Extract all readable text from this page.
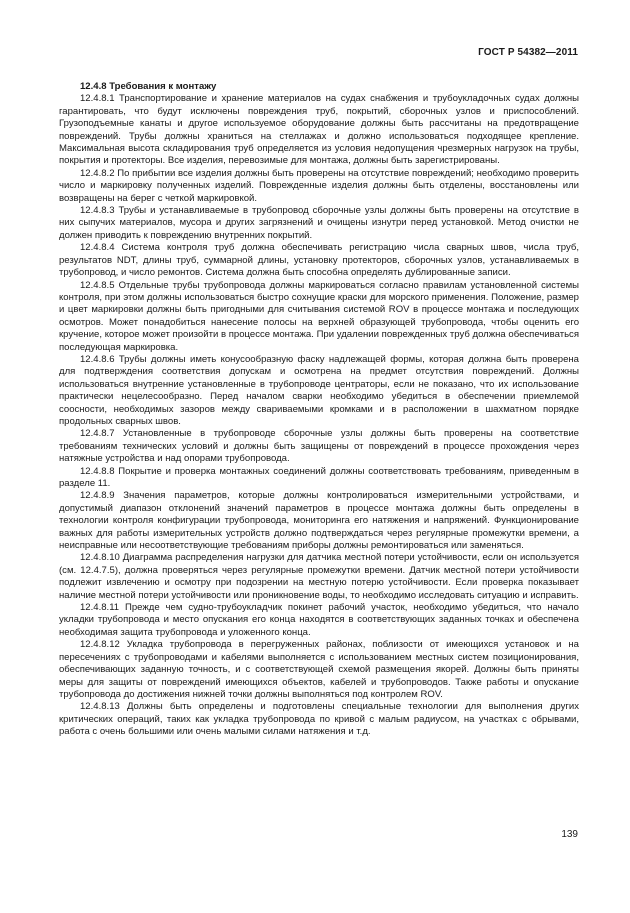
ГОСТ Р 54382—2011

12.4.8 Требования к монтажу

12.4.8.1 Транспортирование и хранение материалов на судах снабжения и трубоукладочных судах должны гарантировать, что будут исключены повреждения труб, покрытий, сборочных узлов и приспособлений. Грузоподъемные канаты и другое используемое оборудование должны быть рассчитаны на предотвращение повреждений. Трубы должны храниться на стеллажах и должно использоваться подходящее крепление. Максимальная высота складирования труб определяется из условия недопущения чрезмерных нагрузок на трубы, покрытия и протекторы. Все изделия, перевозимые для монтажа, должны быть зарегистрированы.

12.4.8.2 По прибытии все изделия должны быть проверены на отсутствие повреждений; необходимо проверить число и маркировку полученных изделий. Поврежденные изделия должны быть отделены, восстановлены или возвращены на берег с четкой маркировкой.

12.4.8.3 Трубы и устанавливаемые в трубопровод сборочные узлы должны быть проверены на отсутствие в них сыпучих материалов, мусора и других загрязнений и очищены изнутри перед установкой. Метод очистки не должен приводить к повреждению внутренних покрытий.

12.4.8.4 Система контроля труб должна обеспечивать регистрацию числа сварных швов, числа труб, результатов NDT, длины труб, суммарной длины, установку протекторов, сборочных узлов, устанавливаемых в трубопровод, и число ремонтов. Система должна быть способна определять дублированные записи.

12.4.8.5 Отдельные трубы трубопровода должны маркироваться согласно правилам установленной системы контроля, при этом должны использоваться быстро сохнущие краски для морского применения. Положение, размер и цвет маркировки должны быть пригодными для считывания системой ROV в процессе монтажа и последующих осмотров. Может понадобиться нанесение полосы на верхней образующей трубопровода, чтобы оценить его кручение, которое может произойти в процессе монтажа. При удалении поврежденных труб должна обеспечиваться последующая маркировка.

12.4.8.6 Трубы должны иметь конусообразную фаску надлежащей формы, которая должна быть проверена для подтверждения соответствия допускам и осмотрена на предмет отсутствия повреждений. Должны использоваться внутренние установленные в трубопроводе центраторы, если не показано, что их использование практически нецелесообразно. Перед началом сварки необходимо убедиться в обеспечении приемлемой соосности, необходимых зазоров между свариваемыми кромками и в расположении в шахматном порядке продольных сварных швов.

12.4.8.7 Установленные в трубопроводе сборочные узлы должны быть проверены на соответствие требованиям технических условий и должны быть защищены от повреждений в процессе прохождения через натяжные устройства и над опорами трубопровода.

12.4.8.8 Покрытие и проверка монтажных соединений должны соответствовать требованиям, приведенным в разделе 11.

12.4.8.9 Значения параметров, которые должны контролироваться измерительными устройствами, и допустимый диапазон отклонений значений параметров в процессе монтажа должны быть определены в технологии контроля конфигурации трубопровода, мониторинга его натяжения и напряжений. Функционирование важных для работы измерительных устройств должно подтверждаться через регулярные промежутки времени, а неисправные или несоответствующие требованиям приборы должны ремонтироваться или заменяться.

12.4.8.10 Диаграмма распределения нагрузки для датчика местной потери устойчивости, если он используется (см. 12.4.7.5), должна проверяться через регулярные промежутки времени. Датчик местной потери устойчивости подлежит извлечению и осмотру при подозрении на местную потерю устойчивости. Если проверка показывает наличие местной потери устойчивости или проникновение воды, то необходимо исследовать ситуацию и исправить.

12.4.8.11 Прежде чем судно-трубоукладчик покинет рабочий участок, необходимо убедиться, что начало укладки трубопровода и место опускания его конца находятся в соответствующих заданных точках и обеспечена необходимая защита трубопровода и уложенного конца.

12.4.8.12 Укладка трубопровода в перегруженных районах, поблизости от имеющихся установок и на пересечениях с трубопроводами и кабелями выполняется с использованием местных систем позиционирования, обеспечивающих заданную точность, и с соответствующей схемой размещения якорей. Должны быть приняты меры для защиты от повреждений имеющихся объектов, кабелей и трубопроводов. Также работы и опускание трубопровода до достижения нижней точки должны выполняться под контролем ROV.

12.4.8.13 Должны быть определены и подготовлены специальные технологии для выполнения других критических операций, таких как укладка трубопровода по кривой с малым радиусом, на участках с обрывами, работа с очень большими или очень малыми силами натяжения и т.д.

139
